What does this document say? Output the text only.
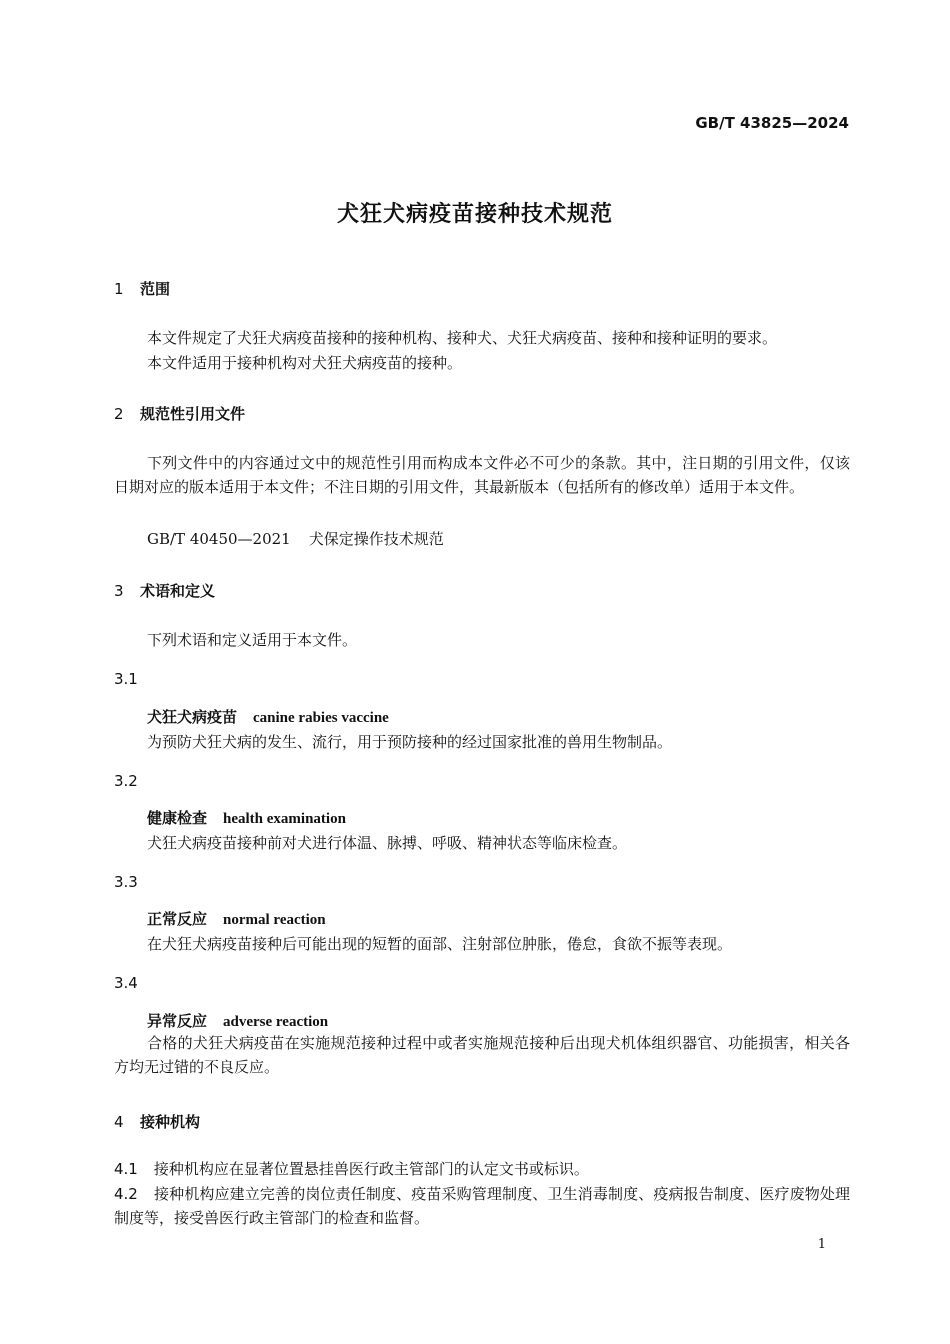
GB/T 43825—2024
犬狂犬病疫苗接种技术规范
1 范围
本文件规定了犬狂犬病疫苗接种的接种机构、接种犬、犬狂犬病疫苗、接种和接种证明的要求。
本文件适用于接种机构对犬狂犬病疫苗的接种。
2 规范性引用文件
下列文件中的内容通过文中的规范性引用而构成本文件必不可少的条款。其中，注日期的引用文件，仅该日期对应的版本适用于本文件；不注日期的引用文件，其最新版本（包括所有的修改单）适用于本文件。
GB/T 40450—2021 犬保定操作技术规范
3 术语和定义
下列术语和定义适用于本文件。
3.1
犬狂犬病疫苗 canine rabies vaccine
为预防犬狂犬病的发生、流行，用于预防接种的经过国家批准的兽用生物制品。
3.2
健康检查 health examination
犬狂犬病疫苗接种前对犬进行体温、脉搏、呼吸、精神状态等临床检查。
3.3
正常反应 normal reaction
在犬狂犬病疫苗接种后可能出现的短暂的面部、注射部位肿胀，倦怠，食欲不振等表现。
3.4
异常反应 adverse reaction
合格的犬狂犬病疫苗在实施规范接种过程中或者实施规范接种后出现犬机体组织器官、功能损害，相关各方均无过错的不良反应。
4 接种机构
4.1 接种机构应在显著位置悬挂兽医行政主管部门的认定文书或标识。
4.2 接种机构应建立完善的岗位责任制度、疫苗采购管理制度、卫生消毒制度、疫病报告制度、医疗废物处理制度等，接受兽医行政主管部门的检查和监督。
1
